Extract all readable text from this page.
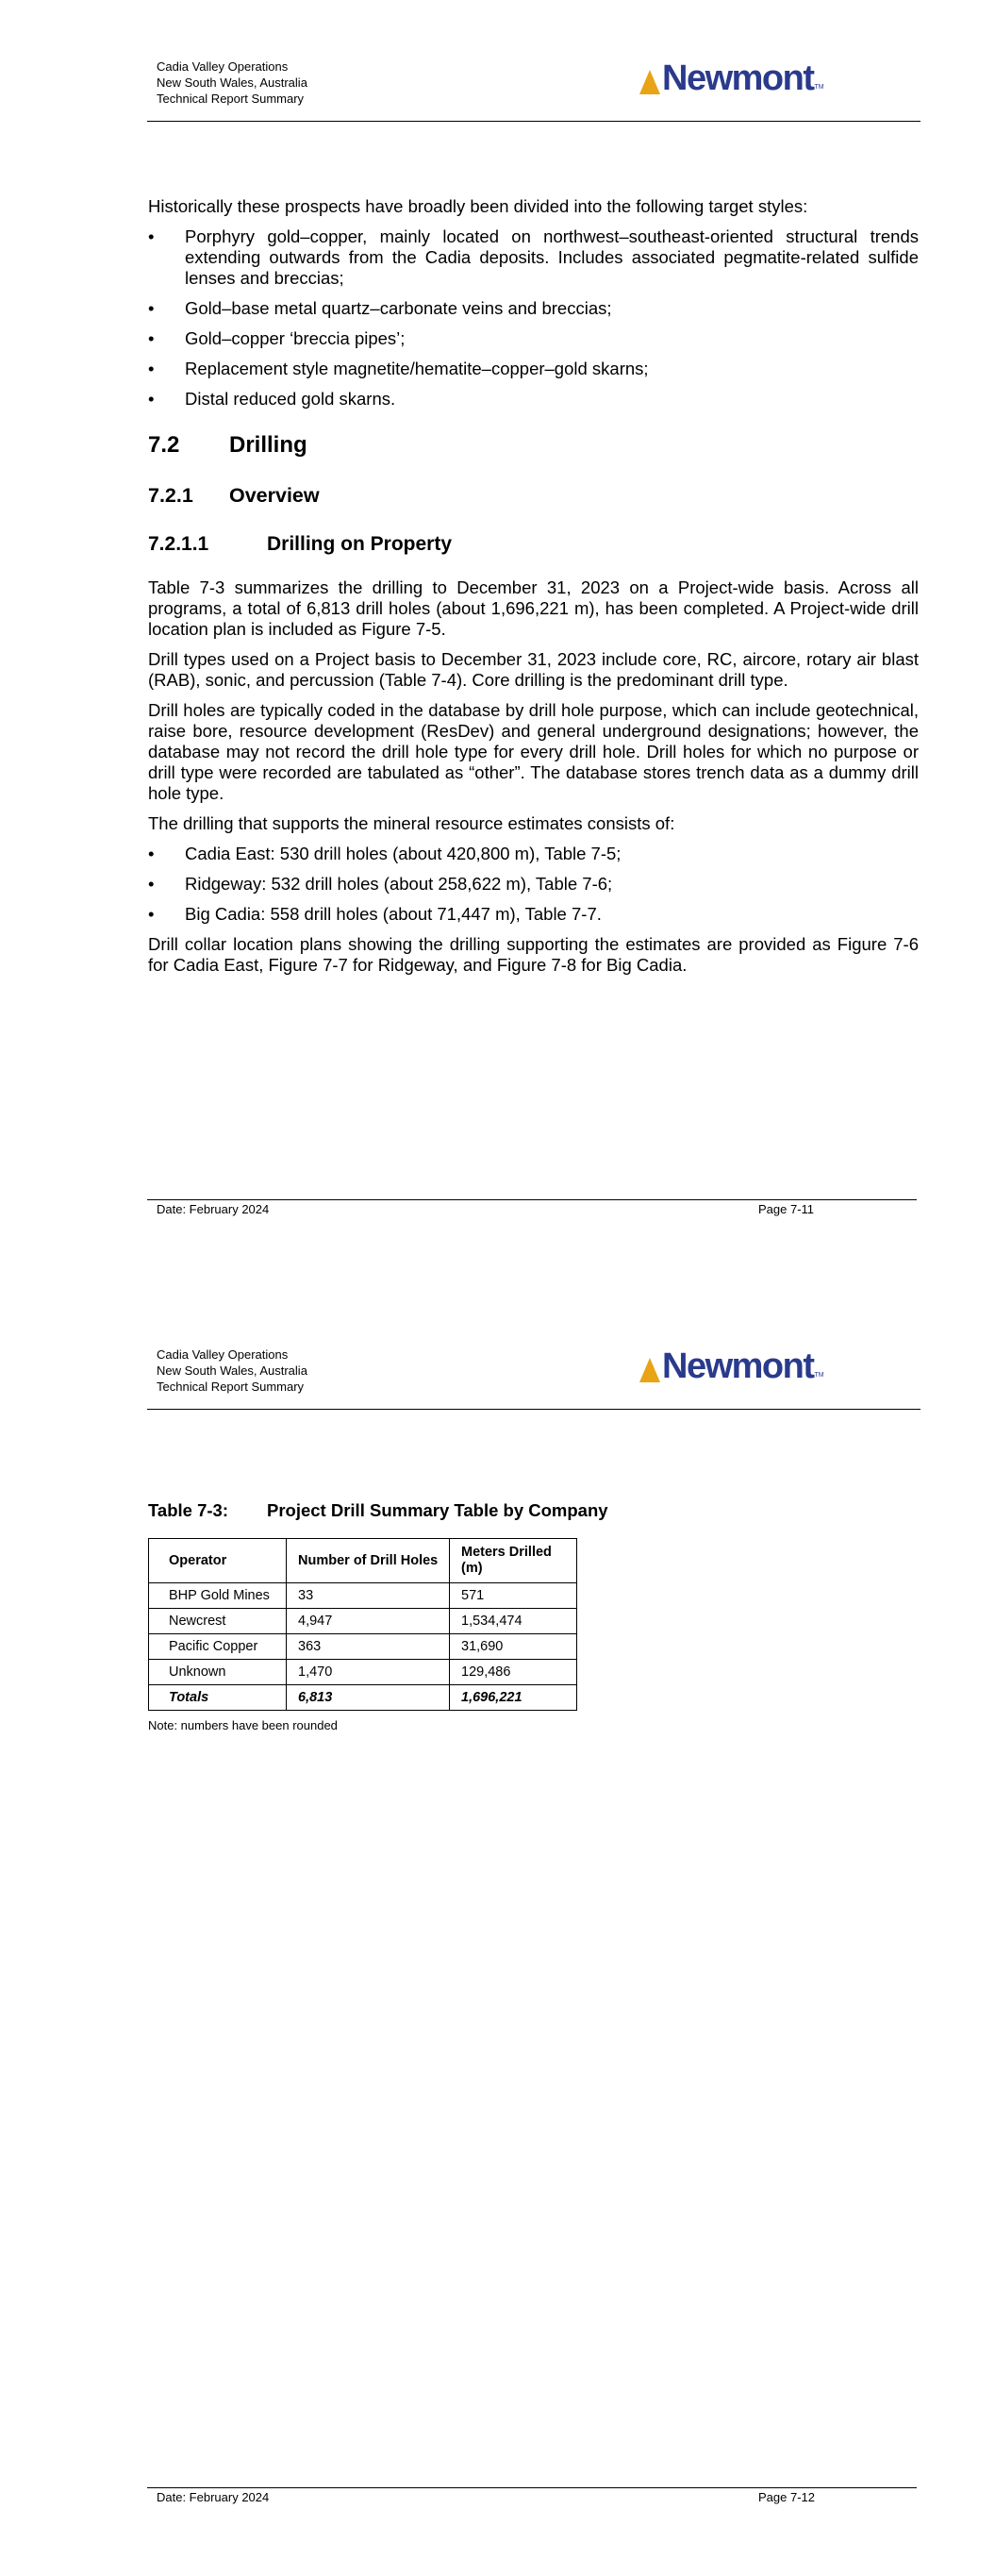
Cadia Valley Operations
New South Wales, Australia
Technical Report Summary
Newmont TM

Historically these prospects have broadly been divided into the following target styles:

• Porphyry gold–copper, mainly located on northwest–southeast-oriented structural trends extending outwards from the Cadia deposits. Includes associated pegmatite-related sulfide lenses and breccias;
• Gold–base metal quartz–carbonate veins and breccias;
• Gold–copper ‘breccia pipes’;
• Replacement style magnetite/hematite–copper–gold skarns;
• Distal reduced gold skarns.
7.2	Drilling
7.2.1	Overview
7.2.1.1	Drilling on Property

Table 7-3 summarizes the drilling to December 31, 2023 on a Project-wide basis. Across all programs, a total of 6,813 drill holes (about 1,696,221 m), has been completed. A Project-wide drill location plan is included as Figure 7-5.

Drill types used on a Project basis to December 31, 2023 include core, RC, aircore, rotary air blast (RAB), sonic, and percussion (Table 7-4). Core drilling is the predominant drill type.

Drill holes are typically coded in the database by drill hole purpose, which can include geotechnical, raise bore, resource development (ResDev) and general underground designations; however, the database may not record the drill hole type for every drill hole. Drill holes for which no purpose or drill type were recorded are tabulated as “other”. The database stores trench data as a dummy drill hole type.

The drilling that supports the mineral resource estimates consists of:

• Cadia East: 530 drill holes (about 420,800 m), Table 7-5;
• Ridgeway: 532 drill holes (about 258,622 m), Table 7-6;
• Big Cadia: 558 drill holes (about 71,447 m), Table 7-7.

Drill collar location plans showing the drilling supporting the estimates are provided as Figure 7-6 for Cadia East, Figure 7-7 for Ridgeway, and Figure 7-8 for Big Cadia.

Date: February 2024	Page 7-11
Cadia Valley Operations
New South Wales, Australia
Technical Report Summary
Newmont TM
Table 7-3:	Project Drill Summary Table by Company
Operator	Number of Drill Holes	Meters Drilled (m)
BHP Gold Mines	33	571
Newcrest	4,947	1,534,474
Pacific Copper	363	31,690
Unknown	1,470	129,486
Totals	6,813	1,696,221
Note: numbers have been rounded
Date: February 2024	Page 7-12
